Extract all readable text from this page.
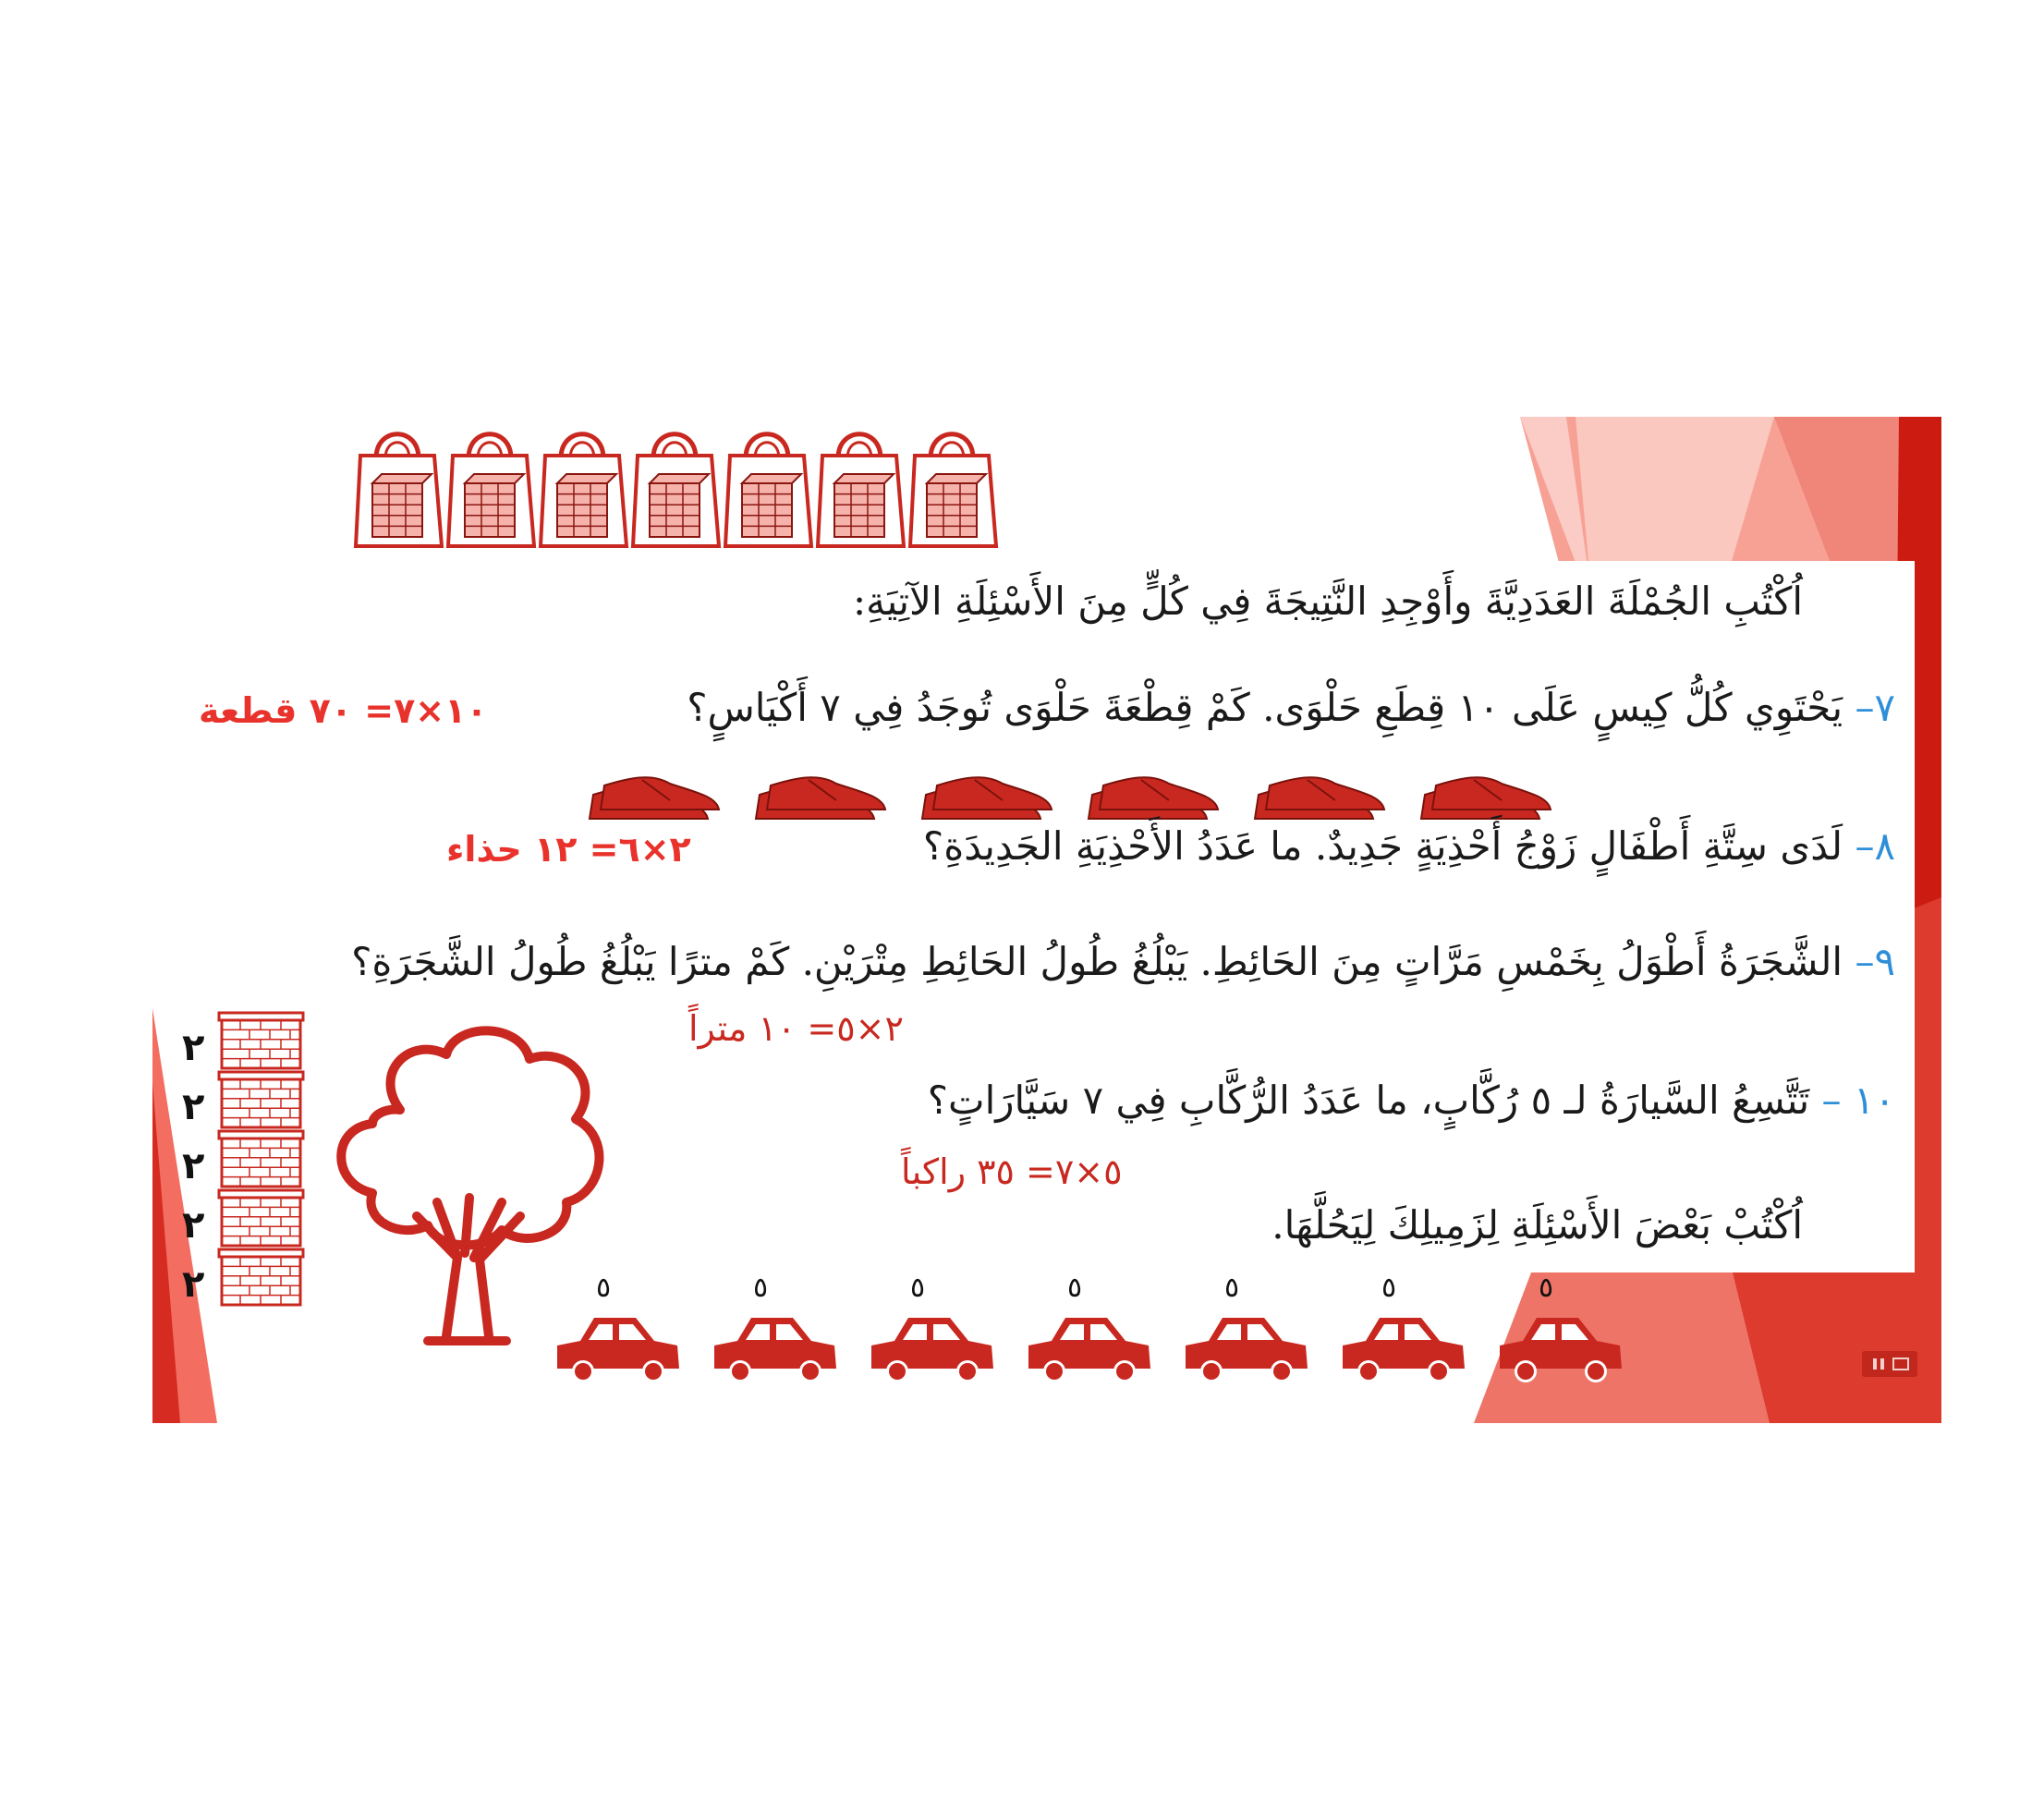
اُكْتُبِ الجُمْلَةَ العَدَدِيَّةَ وأَوْجِدِ النَّتِيجَةَ فِي كُلٍّ مِنَ الأَسْئِلَةِ الآتِيَةِ:
٧– يَحْتَوِي كُلُّ كِيسٍ عَلَى ١٠ قِطَعِ حَلْوَى. كَمْ قِطْعَةَ حَلْوَى تُوجَدُ فِي ٧ أَكْيَاسٍ؟
١٠×٧= ٧٠ قطعة
٨– لَدَى سِتَّةِ أَطْفَالٍ زَوْجُ أَحْذِيَةٍ جَدِيدٌ. ما عَدَدُ الأَحْذِيَةِ الجَدِيدَةِ؟
٢×٦= ١٢ حذاء
٩– الشَّجَرَةُ أَطْوَلُ بِخَمْسِ مَرَّاتٍ مِنَ الحَائِطِ. يَبْلُغُ طُولُ الحَائِطِ مِتْرَيْنِ. كَمْ مترًا يَبْلُغُ طُولُ الشَّجَرَةِ؟
٢×٥= ١٠ متراً
١٠ – تَتَّسِعُ السَّيارَةُ لـ ٥ رُكَّابٍ، ما عَدَدُ الرُّكَّابِ فِي ٧ سَيَّارَاتٍ؟
٥×٧= ٣٥ راكباً
اُكْتُبْ بَعْضَ الأَسْئِلَةِ لِزَمِيلِكَ لِيَحُلَّهَا.
٢
٢
٢
٢
٢	٥	٥	٥	٥	٥	٥	٥
